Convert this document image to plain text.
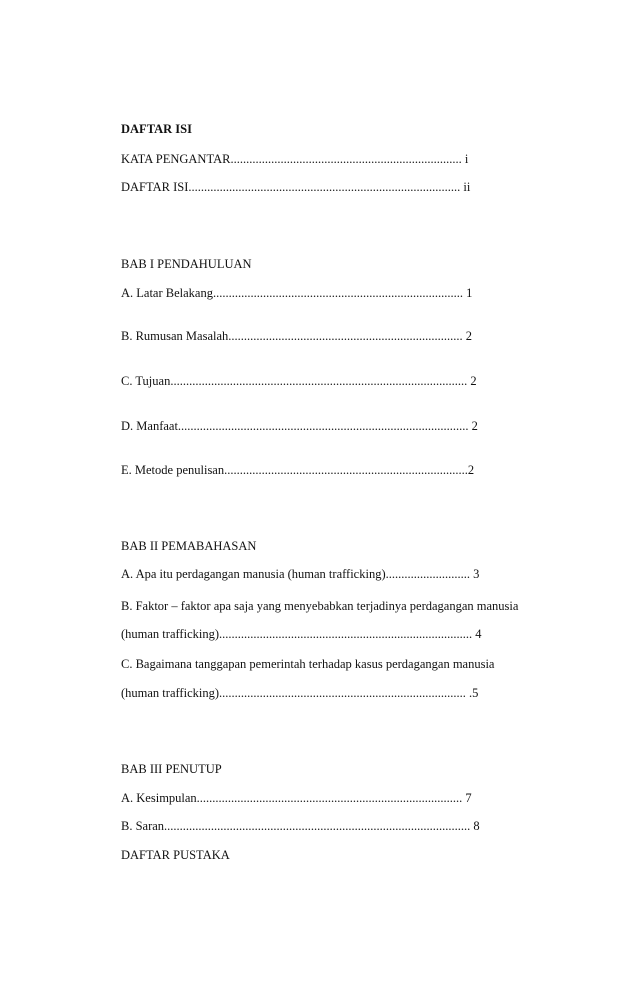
DAFTAR ISI
KATA PENGANTAR.......................................................................... i
DAFTAR ISI....................................................................................... ii
BAB I PENDAHULUAN
A. Latar Belakang................................................................................ 1
B. Rumusan Masalah........................................................................... 2
C. Tujuan............................................................................................... 2
D. Manfaat............................................................................................. 2
E. Metode penulisan..............................................................................2
BAB II PEMABAHASAN
A. Apa itu perdagangan manusia (human trafficking)........................... 3
B. Faktor – faktor apa saja yang menyebabkan terjadinya perdagangan manusia
(human trafficking)................................................................................. 4
C. Bagaimana tanggapan pemerintah terhadap kasus perdagangan manusia
(human trafficking)............................................................................... .5
BAB III PENUTUP
A. Kesimpulan..................................................................................... 7
B. Saran.................................................................................................. 8
DAFTAR PUSTAKA
